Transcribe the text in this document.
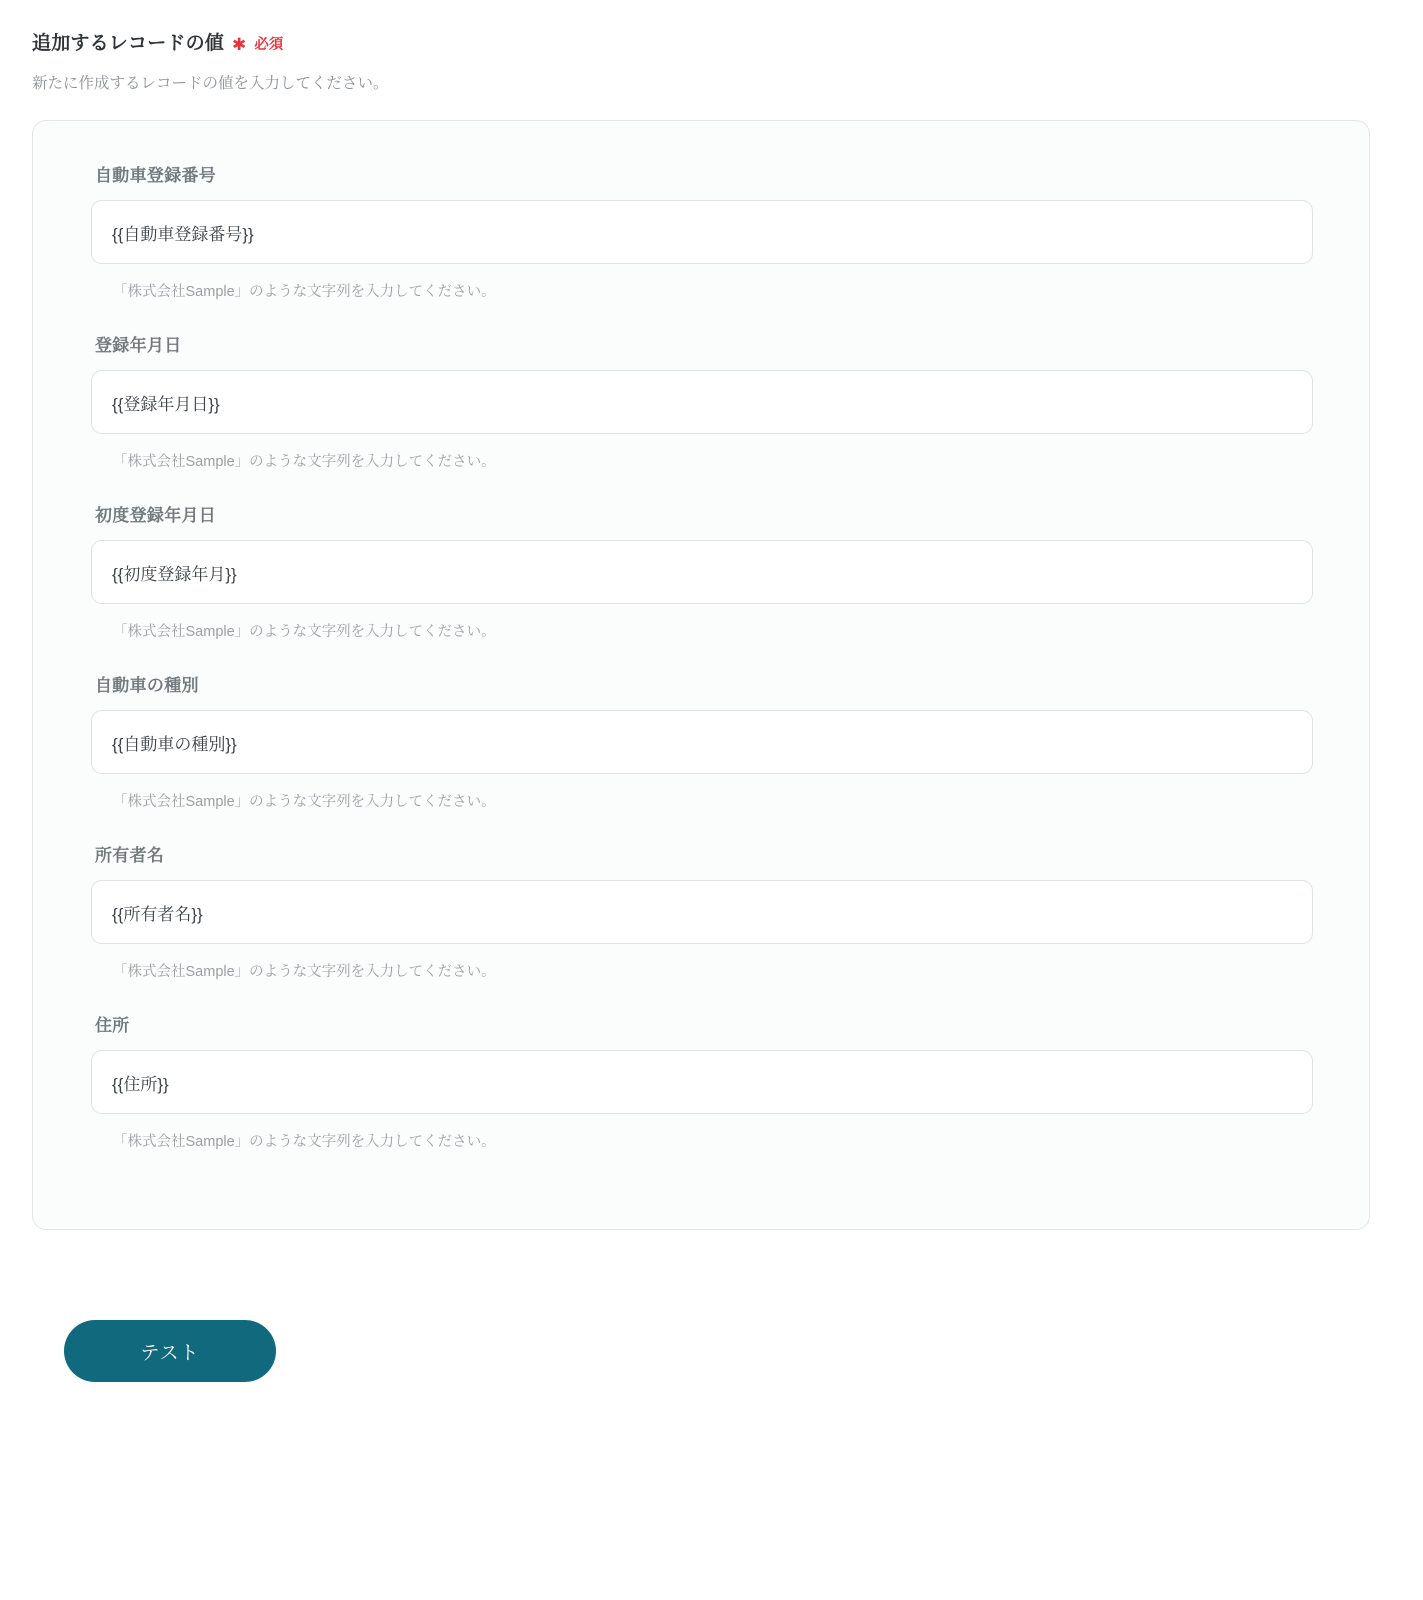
追加するレコードの値 ✱ 必須
新たに作成するレコードの値を入力してください。
自動車登録番号
{{自動車登録番号}}
「株式会社Sample」のような文字列を入力してください。
登録年月日
{{登録年月日}}
「株式会社Sample」のような文字列を入力してください。
初度登録年月日
{{初度登録年月}}
「株式会社Sample」のような文字列を入力してください。
自動車の種別
{{自動車の種別}}
「株式会社Sample」のような文字列を入力してください。
所有者名
{{所有者名}}
「株式会社Sample」のような文字列を入力してください。
住所
{{住所}}
「株式会社Sample」のような文字列を入力してください。
テスト
